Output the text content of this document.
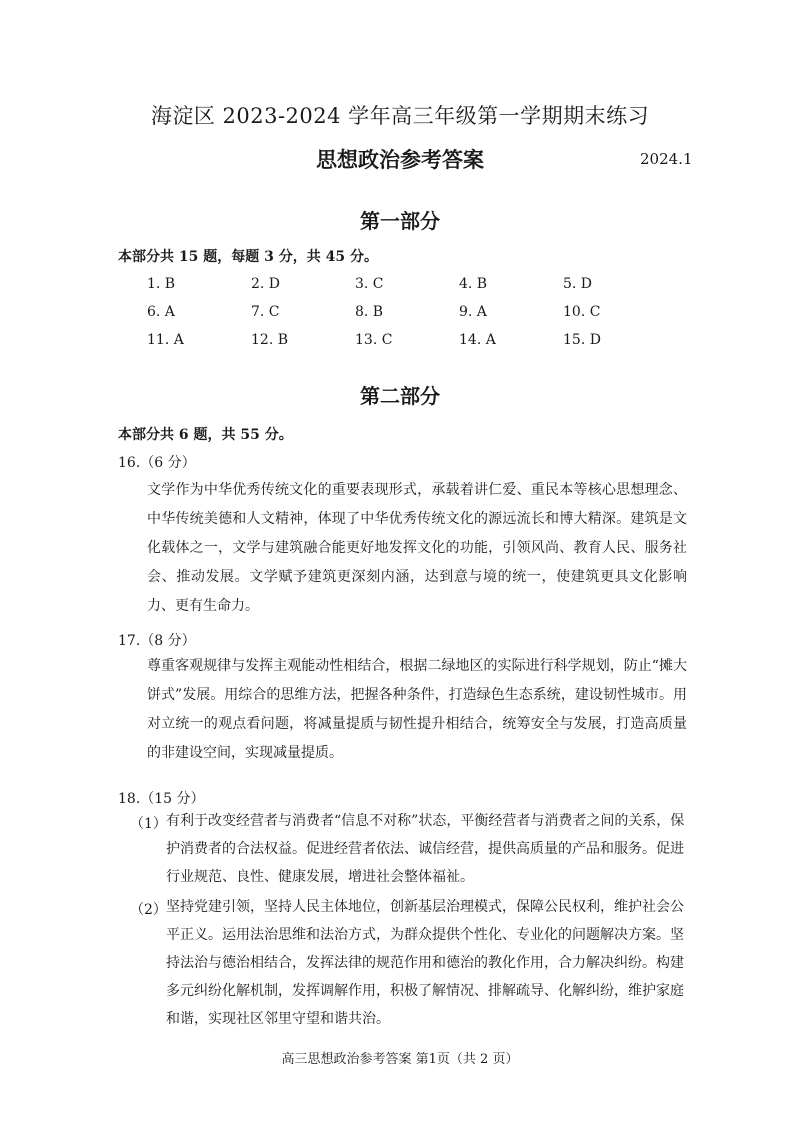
海淀区 2023-2024 学年高三年级第一学期期末练习
思想政治参考答案	2024.1
第一部分
本部分共 15 题，每题 3 分，共 45 分。
1. B	2. D	3. C	4. B	5. D
6. A	7. C	8. B	9. A	10. C
11. A	12. B	13. C	14. A	15. D
第二部分
本部分共 6 题，共 55 分。
16.（6 分）
文学作为中华优秀传统文化的重要表现形式，承载着讲仁爱、重民本等核心思想理念、中华传统美德和人文精神，体现了中华优秀传统文化的源远流长和博大精深。建筑是文化载体之一，文学与建筑融合能更好地发挥文化的功能，引领风尚、教育人民、服务社会、推动发展。文学赋予建筑更深刻内涵，达到意与境的统一，使建筑更具文化影响力、更有生命力。
17.（8 分）
尊重客观规律与发挥主观能动性相结合，根据二绿地区的实际进行科学规划，防止“摊大饼式”发展。用综合的思维方法，把握各种条件，打造绿色生态系统，建设韧性城市。用对立统一的观点看问题，将减量提质与韧性提升相结合，统筹安全与发展，打造高质量的非建设空间，实现减量提质。
18.（15 分）
（1） 有利于改变经营者与消费者“信息不对称”状态，平衡经营者与消费者之间的关系，保护消费者的合法权益。促进经营者依法、诚信经营，提供高质量的产品和服务。促进行业规范、良性、健康发展，增进社会整体福祉。
（2） 坚持党建引领，坚持人民主体地位，创新基层治理模式，保障公民权利，维护社会公平正义。运用法治思维和法治方式，为群众提供个性化、专业化的问题解决方案。坚持法治与德治相结合，发挥法律的规范作用和德治的教化作用，合力解决纠纷。构建多元纠纷化解机制，发挥调解作用，积极了解情况、排解疏导、化解纠纷，维护家庭和谐，实现社区邻里守望和谐共治。
高三思想政治参考答案 第1页（共 2 页）
